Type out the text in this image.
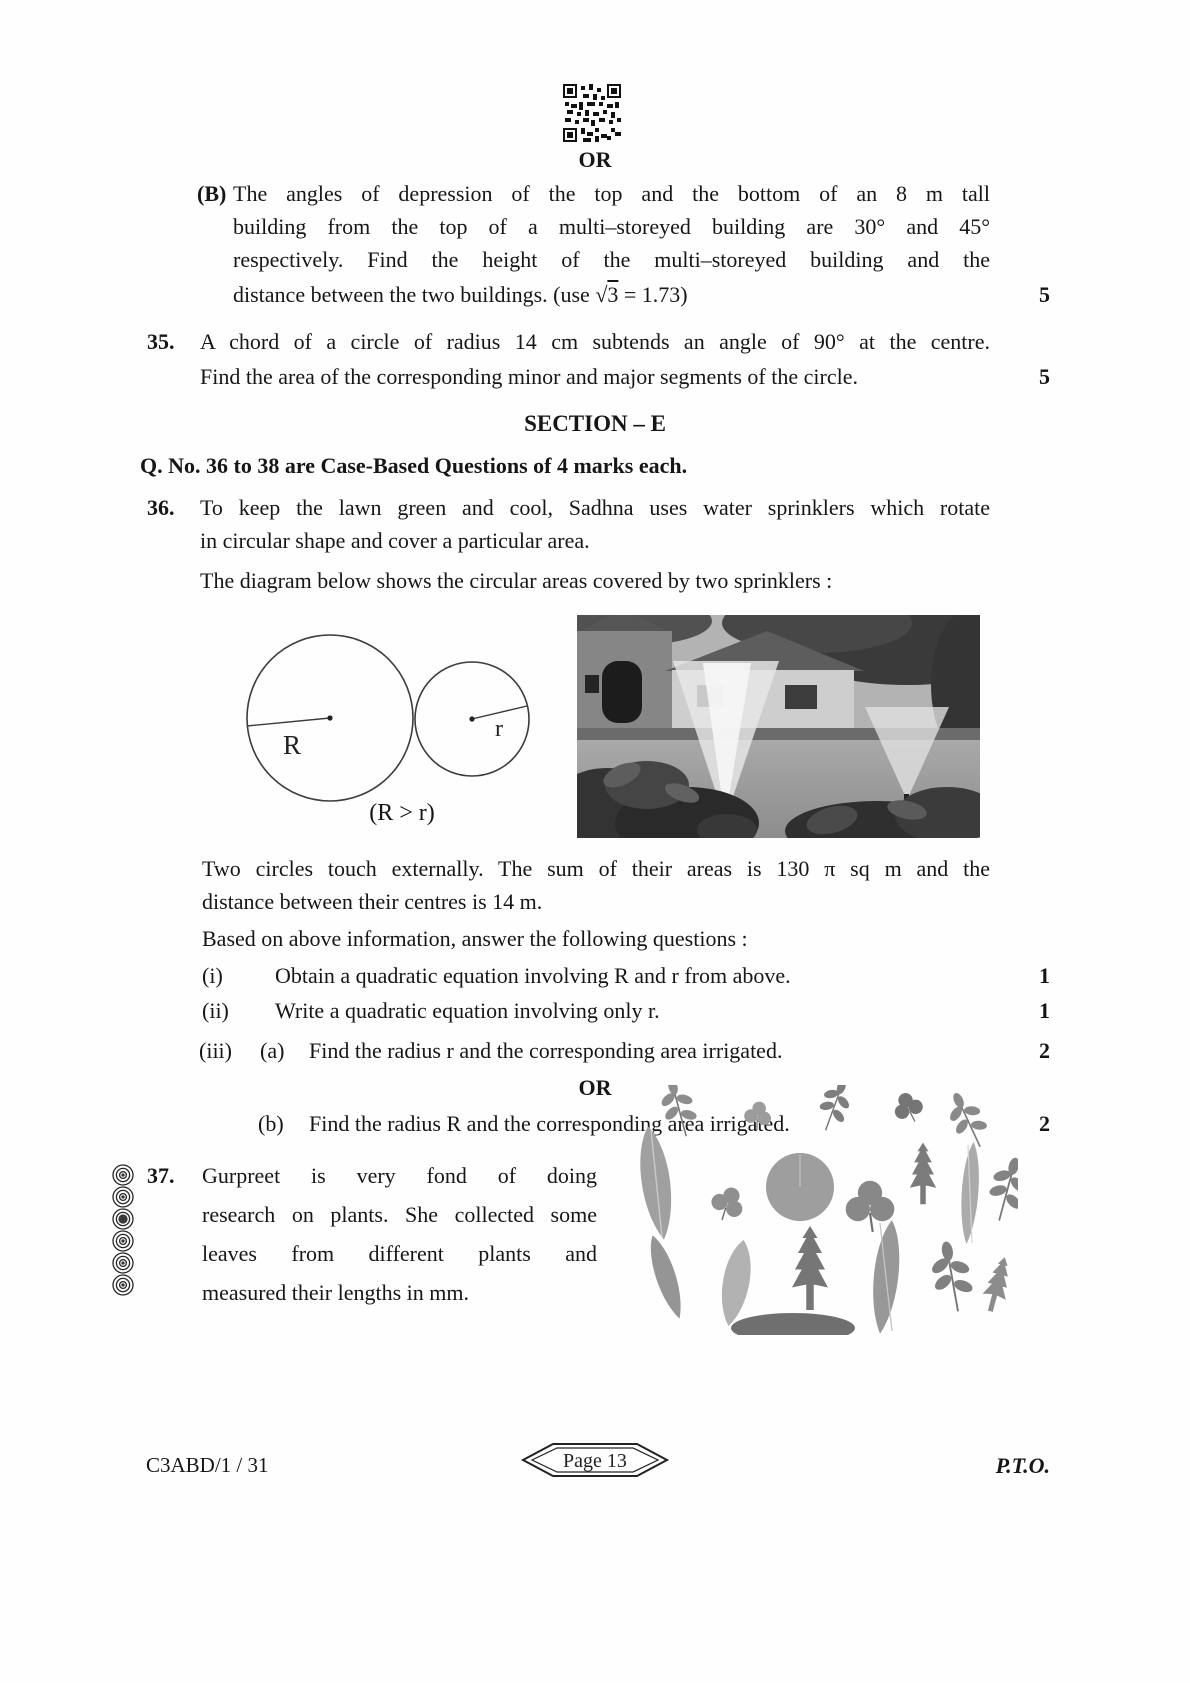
OR
(B) The angles of depression of the top and the bottom of an 8 m tall
building from the top of a multi–storeyed building are 30° and 45°
respectively. Find the height of the multi–storeyed building and the
distance between the two buildings. (use √3 = 1.73)	5
35. A chord of a circle of radius 14 cm subtends an angle of 90° at the centre.
Find the area of the corresponding minor and major segments of the circle.	5
SECTION – E
Q. No. 36 to 38 are Case-Based Questions of 4 marks each.
36. To keep the lawn green and cool, Sadhna uses water sprinklers which rotate
in circular shape and cover a particular area.
The diagram below shows the circular areas covered by two sprinklers :
R
r
(R > r)
Two circles touch externally. The sum of their areas is 130 π sq m and the
distance between their centres is 14 m.
Based on above information, answer the following questions :
(i) Obtain a quadratic equation involving R and r from above.	1
(ii) Write a quadratic equation involving only r.	1
(iii) (a) Find the radius r and the corresponding area irrigated.	2
OR
(b) Find the radius R and the corresponding area irrigated.	2
37. Gurpreet is very fond of doing
research on plants. She collected some
leaves from different plants and
measured their lengths in mm.
C3ABD/1 / 31	Page 13	P.T.O.
